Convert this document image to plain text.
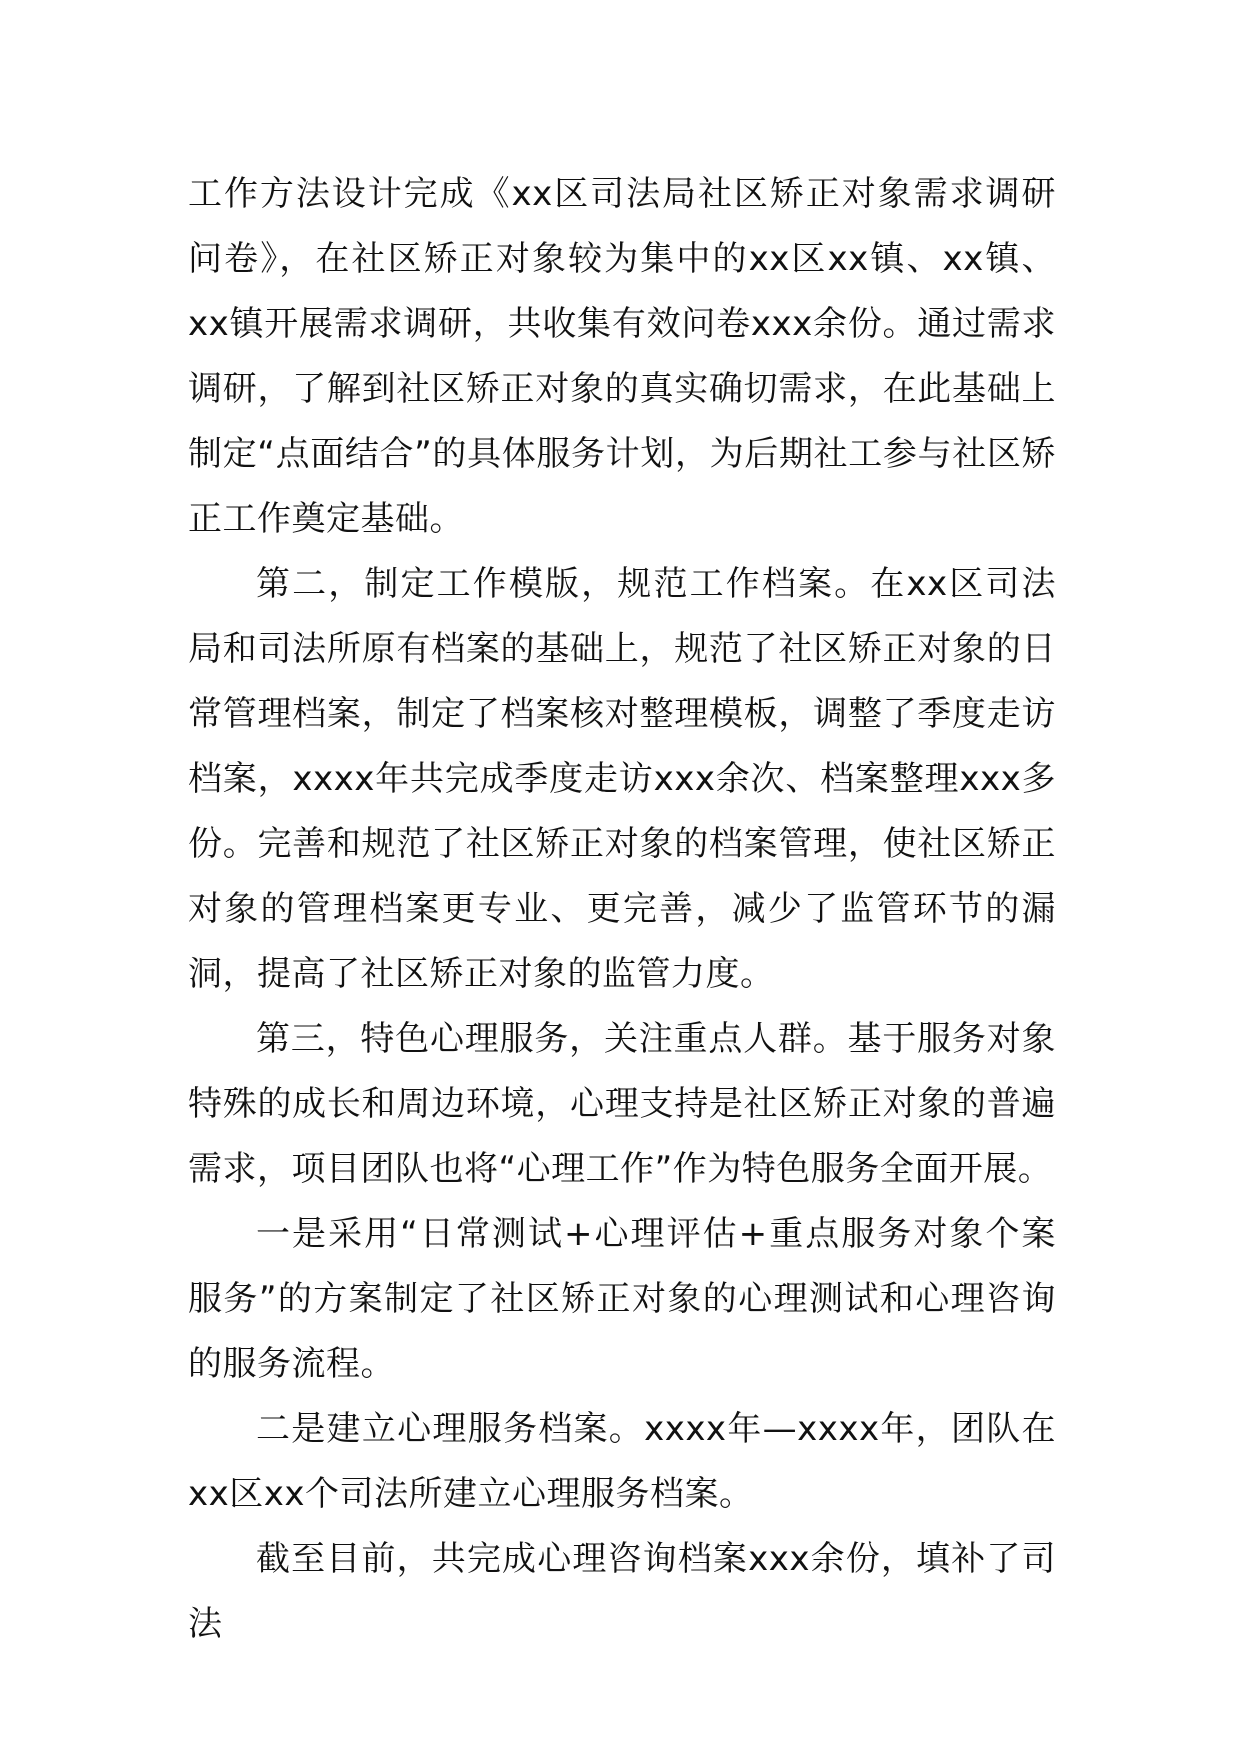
工作方法设计完成《xx区司法局社区矫正对象需求调研问卷》，在社区矫正对象较为集中的xx区xx镇、xx镇、xx镇开展需求调研，共收集有效问卷xxx余份。通过需求调研，了解到社区矫正对象的真实确切需求，在此基础上制定“点面结合”的具体服务计划，为后期社工参与社区矫正工作奠定基础。

第二，制定工作模版，规范工作档案。在xx区司法局和司法所原有档案的基础上，规范了社区矫正对象的日常管理档案，制定了档案核对整理模板，调整了季度走访档案，xxxx年共完成季度走访xxx余次、档案整理xxx多份。完善和规范了社区矫正对象的档案管理，使社区矫正对象的管理档案更专业、更完善，减少了监管环节的漏洞，提高了社区矫正对象的监管力度。

第三，特色心理服务，关注重点人群。基于服务对象特殊的成长和周边环境，心理支持是社区矫正对象的普遍需求，项目团队也将“心理工作”作为特色服务全面开展。

一是采用“日常测试+心理评估+重点服务对象个案服务”的方案制定了社区矫正对象的心理测试和心理咨询的服务流程。

二是建立心理服务档案。xxxx年—xxxx年，团队在xx区xx个司法所建立心理服务档案。

截至目前，共完成心理咨询档案xxx余份，填补了司法
